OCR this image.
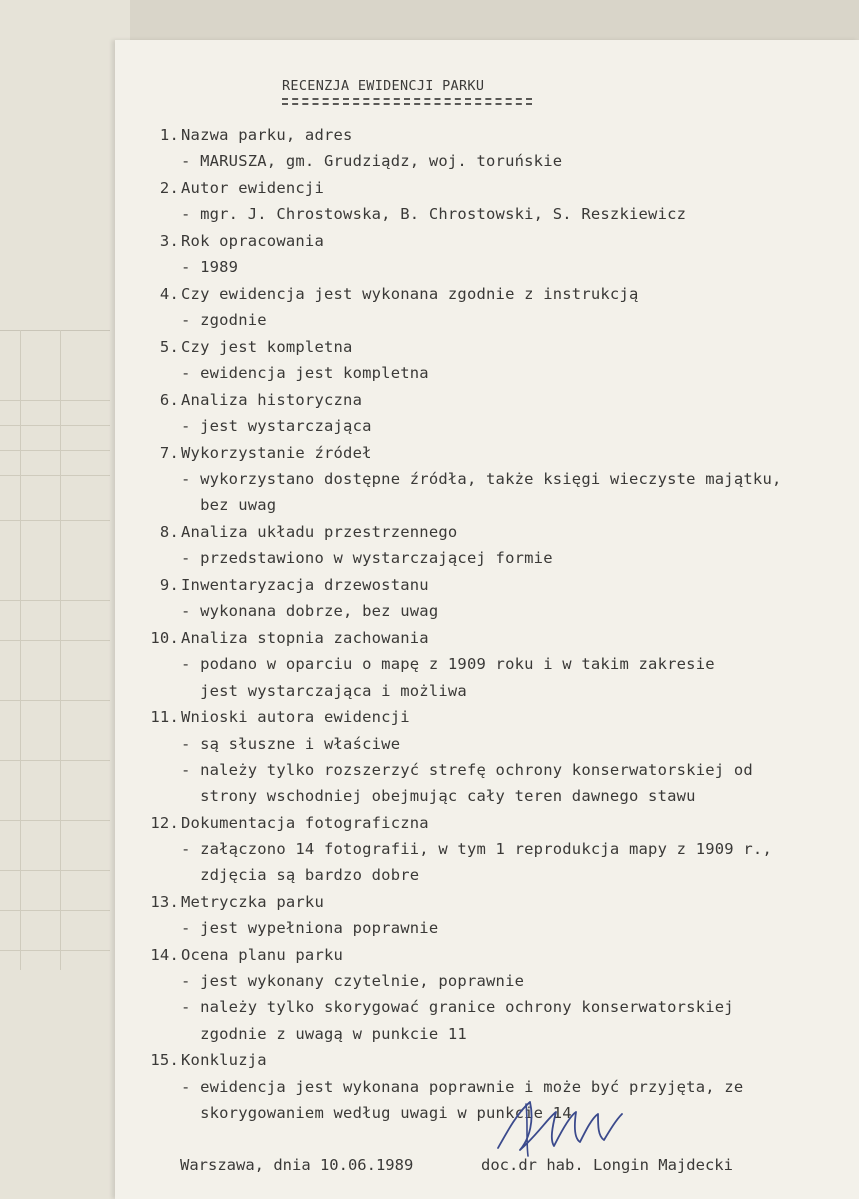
RECENZJA EWIDENCJI PARKU
1. Nazwa parku, adres
- MARUSZA, gm. Grudziądz, woj. toruńskie
2. Autor ewidencji
- mgr. J. Chrostowska, B. Chrostowski, S. Reszkiewicz
3. Rok opracowania
- 1989
4. Czy ewidencja jest wykonana zgodnie z instrukcją
- zgodnie
5. Czy jest kompletna
- ewidencja jest kompletna
6. Analiza historyczna
- jest wystarczająca
7. Wykorzystanie źródeł
- wykorzystano dostępne źródła, także księgi wieczyste majątku,
bez uwag
8. Analiza układu przestrzennego
- przedstawiono w wystarczającej formie
9. Inwentaryzacja drzewostanu
- wykonana dobrze, bez uwag
10. Analiza stopnia zachowania
- podano w oparciu o mapę z 1909 roku i w takim zakresie
jest wystarczająca i możliwa
11. Wnioski autora ewidencji
- są słuszne i właściwe
- należy tylko rozszerzyć strefę ochrony konserwatorskiej od
strony wschodniej obejmując cały teren dawnego stawu
12. Dokumentacja fotograficzna
- załączono 14 fotografii, w tym 1 reprodukcja mapy z 1909 r.,
zdjęcia są bardzo dobre
13. Metryczka parku
- jest wypełniona poprawnie
14. Ocena planu parku
- jest wykonany czytelnie, poprawnie
- należy tylko skorygować granice ochrony konserwatorskiej
zgodnie z uwagą w punkcie 11
15. Konkluzja
- ewidencja jest wykonana poprawnie i może być przyjęta, ze
skorygowaniem według uwagi w punkcie 14
Warszawa, dnia 10.06.1989	doc.dr hab. Longin Majdecki
